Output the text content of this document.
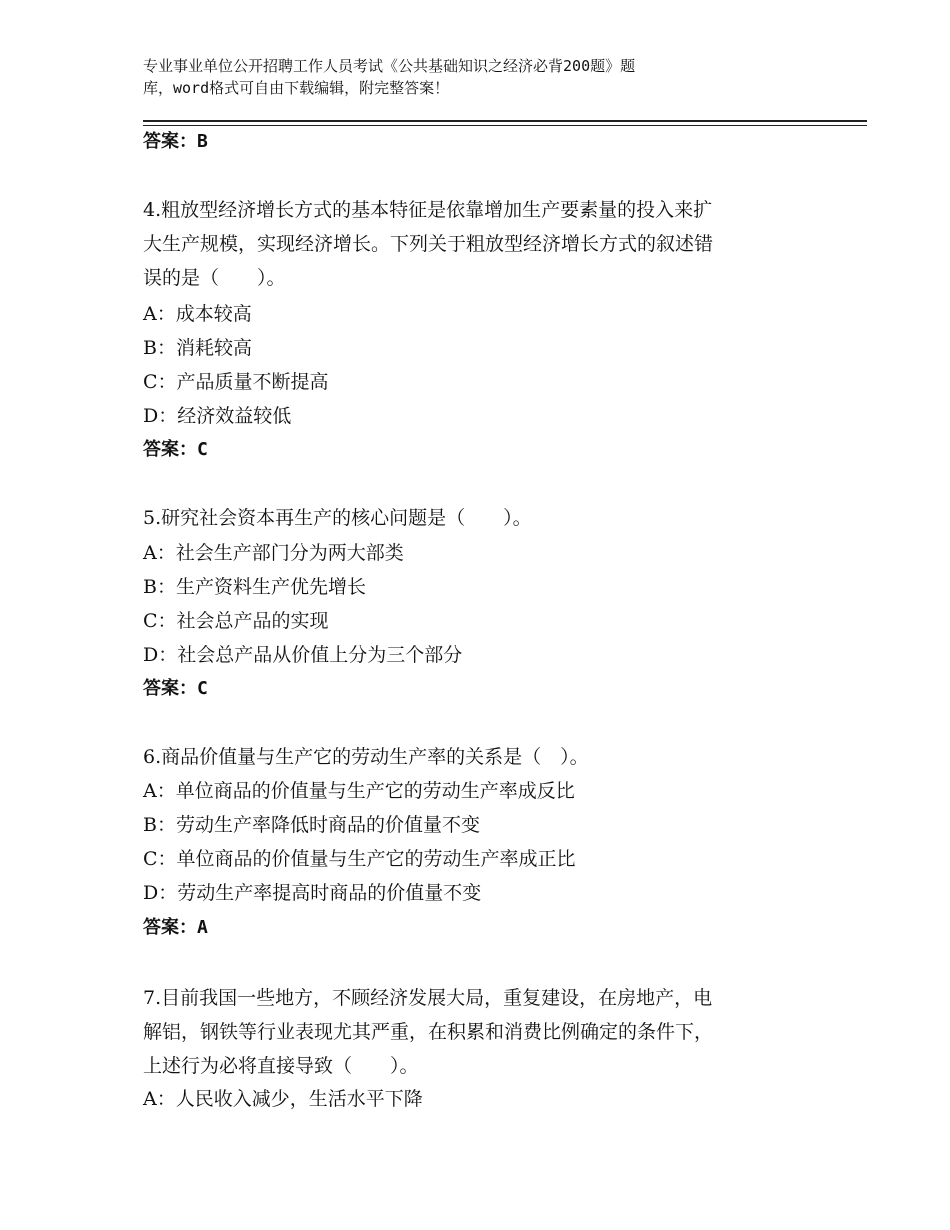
专业事业单位公开招聘工作人员考试《公共基础知识之经济必背200题》题
库，word格式可自由下载编辑，附完整答案！
答案：B
4.粗放型经济增长方式的基本特征是依靠增加生产要素量的投入来扩
大生产规模，实现经济增长。下列关于粗放型经济增长方式的叙述错
误的是（　　）。
A：成本较高
B：消耗较高
C：产品质量不断提高
D：经济效益较低
答案：C
5.研究社会资本再生产的核心问题是（　　）。
A：社会生产部门分为两大部类
B：生产资料生产优先增长
C：社会总产品的实现
D：社会总产品从价值上分为三个部分
答案：C
6.商品价值量与生产它的劳动生产率的关系是（　）。
A：单位商品的价值量与生产它的劳动生产率成反比
B：劳动生产率降低时商品的价值量不变
C：单位商品的价值量与生产它的劳动生产率成正比
D：劳动生产率提高时商品的价值量不变
答案：A
7.目前我国一些地方，不顾经济发展大局，重复建设，在房地产，电
解铝，钢铁等行业表现尤其严重，在积累和消费比例确定的条件下，
上述行为必将直接导致（　　）。
A：人民收入减少，生活水平下降
